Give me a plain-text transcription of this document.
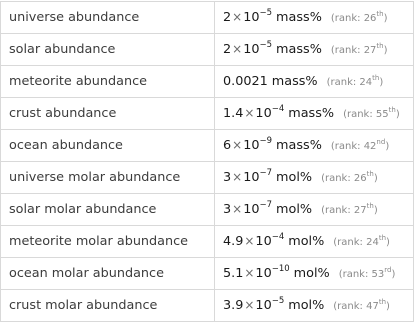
universe abundance	$2\times 10^{-5}$ mass% (rank: 26th)
solar abundance	$2\times 10^{-5}$ mass% (rank: 27th)
meteorite abundance	0.0021 mass% (rank: 24th)
crust abundance	$1.4\times 10^{-4}$ mass% (rank: 55th)
ocean abundance	$6\times 10^{-9}$ mass% (rank: 42nd)
universe molar abundance	$3\times 10^{-7}$ mol% (rank: 26th)
solar molar abundance	$3\times 10^{-7}$ mol% (rank: 27th)
meteorite molar abundance	$4.9\times 10^{-4}$ mol% (rank: 24th)
ocean molar abundance	$5.1\times 10^{-10}$ mol% (rank: 53rd)
crust molar abundance	$3.9\times 10^{-5}$ mol% (rank: 47th)
